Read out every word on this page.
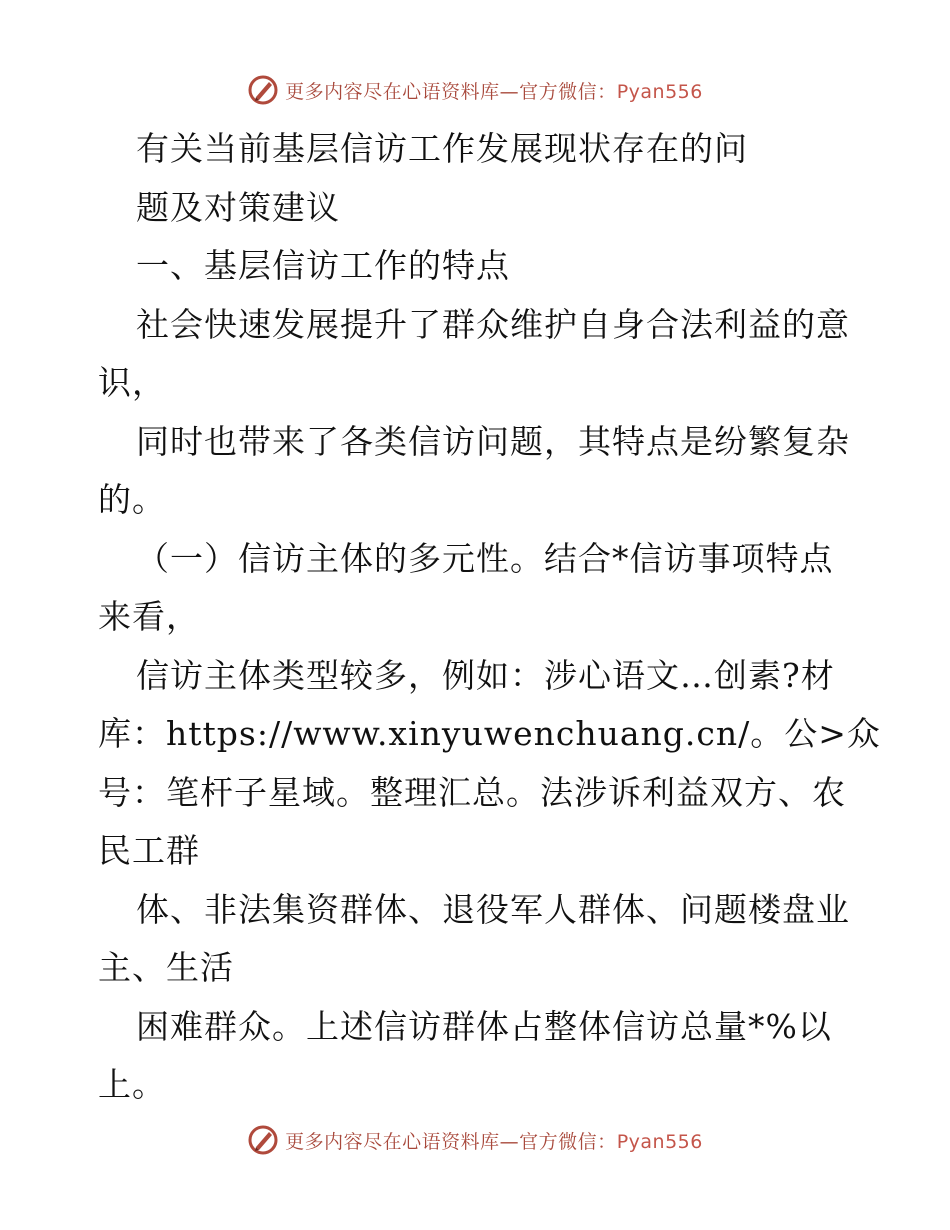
更多内容尽在心语资料库—官方微信：Pyan556
有关当前基层信访工作发展现状存在的问
题及对策建议
一、基层信访工作的特点
社会快速发展提升了群众维护自身合法利益的意
识，
同时也带来了各类信访问题，其特点是纷繁复杂
的。
（一）信访主体的多元性。结合*信访事项特点
来看，
信访主体类型较多，例如：涉心语文…创素?材
库：https://www.xinyuwenchuang.cn/。公>众
号：笔杆子星域。整理汇总。法涉诉利益双方、农
民工群
体、非法集资群体、退役军人群体、问题楼盘业
主、生活
困难群众。上述信访群体占整体信访总量*%以
上。
更多内容尽在心语资料库—官方微信：Pyan556
